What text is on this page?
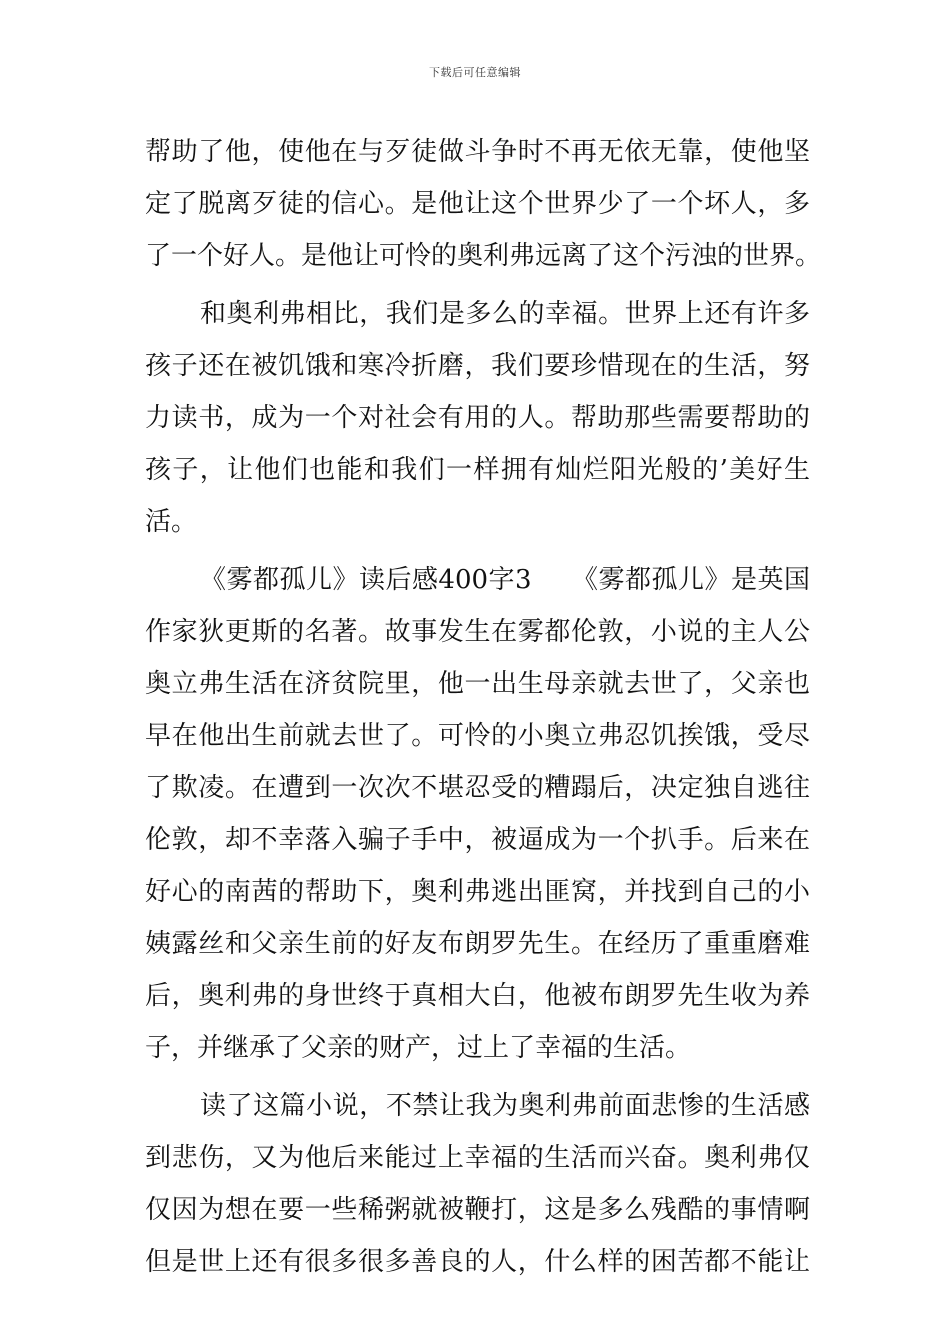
下载后可任意编辑
帮助了他，使他在与歹徒做斗争时不再无依无靠，使他坚
定了脱离歹徒的信心。是他让这个世界少了一个坏人，多
了一个好人。是他让可怜的奥利弗远离了这个污浊的世界。
和奥利弗相比，我们是多么的幸福。世界上还有许多
孩子还在被饥饿和寒冷折磨，我们要珍惜现在的生活，努
力读书，成为一个对社会有用的人。帮助那些需要帮助的
孩子，让他们也能和我们一样拥有灿烂阳光般的’美好生
活。
《雾都孤儿》读后感400字3　　《雾都孤儿》是英国
作家狄更斯的名著。故事发生在雾都伦敦，小说的主人公
奥立弗生活在济贫院里，他一出生母亲就去世了，父亲也
早在他出生前就去世了。可怜的小奥立弗忍饥挨饿，受尽
了欺凌。在遭到一次次不堪忍受的糟蹋后，决定独自逃往
伦敦，却不幸落入骗子手中，被逼成为一个扒手。后来在
好心的南茜的帮助下，奥利弗逃出匪窝，并找到自己的小
姨露丝和父亲生前的好友布朗罗先生。在经历了重重磨难
后，奥利弗的身世终于真相大白，他被布朗罗先生收为养
子，并继承了父亲的财产，过上了幸福的生活。
读了这篇小说，不禁让我为奥利弗前面悲惨的生活感
到悲伤，又为他后来能过上幸福的生活而兴奋。奥利弗仅
仅因为想在要一些稀粥就被鞭打，这是多么残酷的事情啊
但是世上还有很多很多善良的人，什么样的困苦都不能让
